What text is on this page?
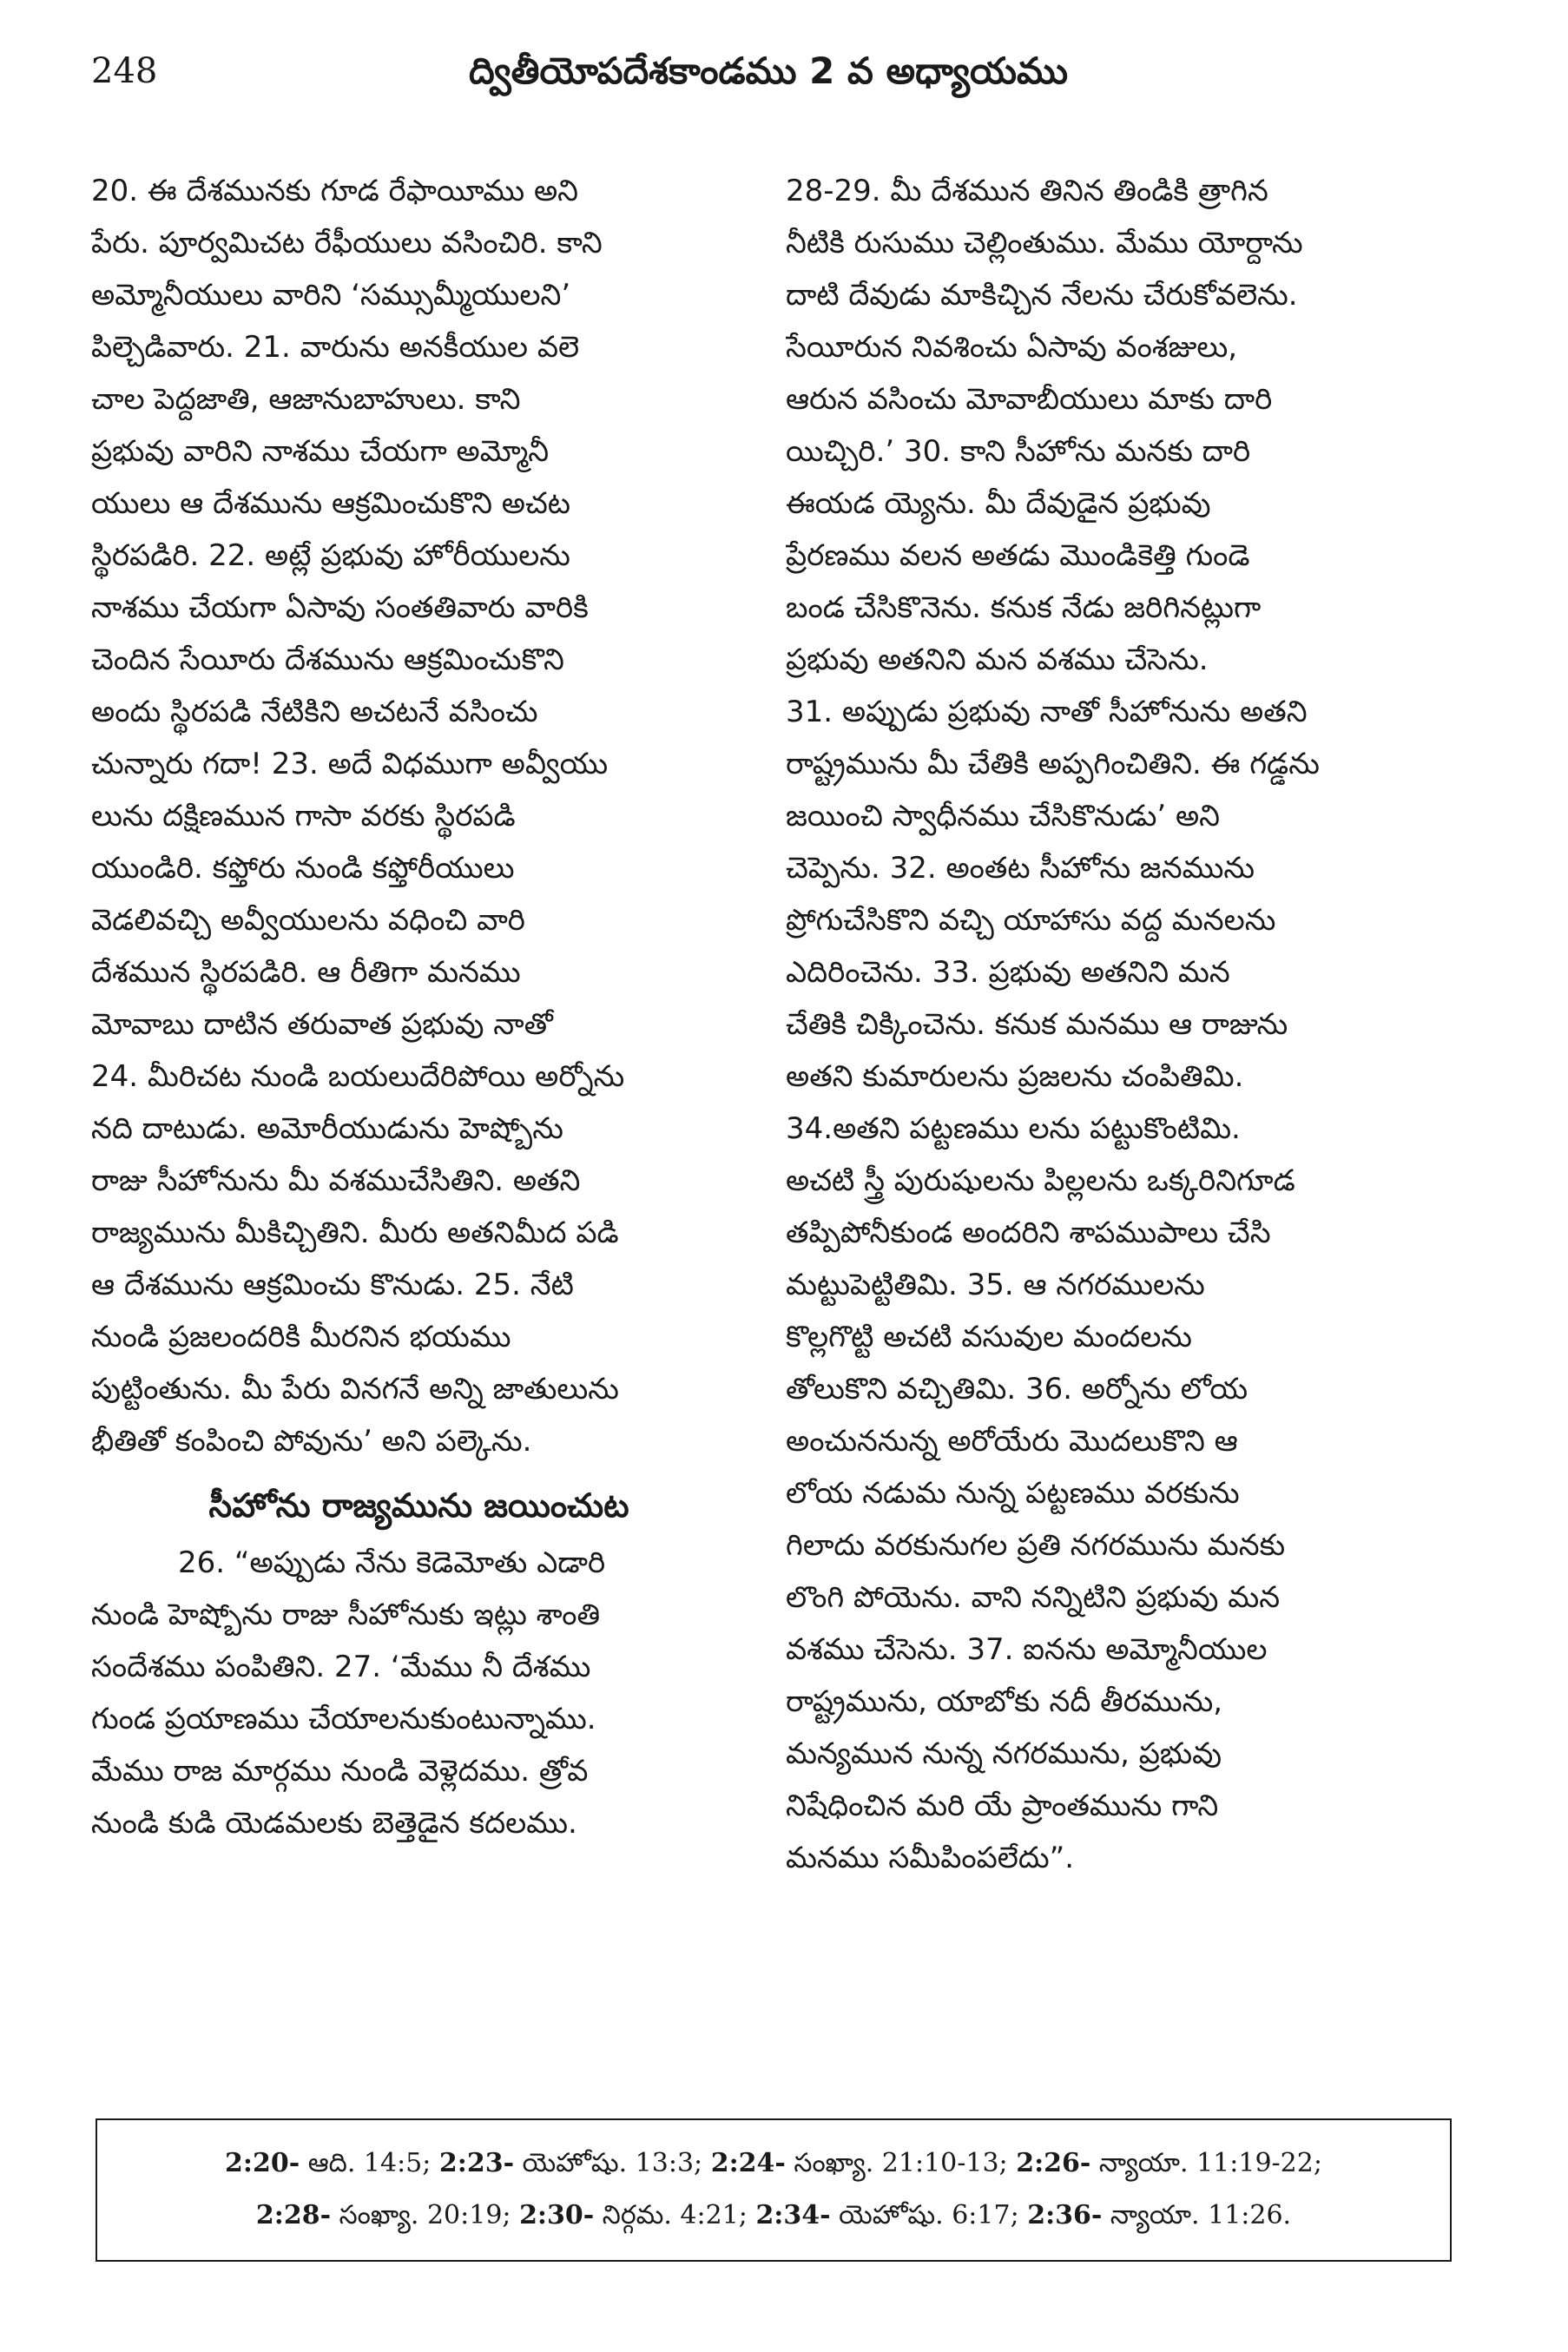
248	ద్వితీయోపదేశకాండము 2 వ అధ్యాయము
20. ఈ దేశమునకు గూడ రేఫాయీము అని
పేరు. పూర్వమిచట రేఫీయులు వసించిరి. కాని
అమ్మోనీయులు వారిని ‘సమ్సుమ్మీయులని’
పిల్చెడివారు. 21. వారును అనకీయుల వలె
చాల పెద్దజాతి, ఆజానుబాహులు. కాని
ప్రభువు వారిని నాశము చేయగా అమ్మోనీ
యులు ఆ దేశమును ఆక్రమించుకొని అచట
స్థిరపడిరి. 22. అట్లే ప్రభువు హోరీయులను
నాశము చేయగా ఏసావు సంతతివారు వారికి
చెందిన సేయీరు దేశమును ఆక్రమించుకొని
అందు స్థిరపడి నేటికిని అచటనే వసించు
చున్నారు గదా! 23. అదే విధముగా అవ్వీయు
లును దక్షిణమున గాసా వరకు స్థిరపడి
యుండిరి. కఫ్తోరు నుండి కఫ్తోరీయులు
వెడలివచ్చి అవ్వీయులను వధించి వారి
దేశమున స్థిరపడిరి. ఆ రీతిగా మనము
మోవాబు దాటిన తరువాత ప్రభువు నాతో
24. మీరిచట నుండి బయలుదేరిపోయి అర్నోను
నది దాటుడు. అమోరీయుడును హెష్బోను
రాజు సీహోనును మీ వశముచేసితిని. అతని
రాజ్యమును మీకిచ్చితిని. మీరు అతనిమీద పడి
ఆ దేశమును ఆక్రమించు కొనుడు. 25. నేటి
నుండి ప్రజలందరికి మీరనిన భయము
పుట్టింతును. మీ పేరు వినగనే అన్ని జాతులును
భీతితో కంపించి పోవును’ అని పల్కెను.
సీహోను రాజ్యమును జయించుట
26. “అప్పుడు నేను కెడెమోతు ఎడారి
నుండి హెష్బోను రాజు సీహోనుకు ఇట్లు శాంతి
సందేశము పంపితిని. 27. ‘మేము నీ దేశము
గుండ ప్రయాణము చేయాలనుకుంటున్నాము.
మేము రాజ మార్గము నుండి వెళ్లెదము. త్రోవ
నుండి కుడి యెడమలకు బెత్తెడైన కదలము.
28-29. మీ దేశమున తినిన తిండికి త్రాగిన
నీటికి రుసుము చెల్లింతుము. మేము యోర్దాను
దాటి దేవుడు మాకిచ్చిన నేలను చేరుకోవలెను.
సేయీరున నివశించు ఏసావు వంశజులు,
ఆరున వసించు మోవాబీయులు మాకు దారి
యిచ్చిరి.’ 30. కాని సీహోను మనకు దారి
ఈయడ య్యెను. మీ దేవుడైన ప్రభువు
ప్రేరణము వలన అతడు మొండికెత్తి గుండె
బండ చేసికొనెను. కనుక నేడు జరిగినట్లుగా
ప్రభువు అతనిని మన వశము చేసెను.
31. అప్పుడు ప్రభువు నాతో సీహోనును అతని
రాష్ట్రమును మీ చేతికి అప్పగించితిని. ఈ గడ్డను
జయించి స్వాధీనము చేసికొనుడు’ అని
చెప్పెను. 32. అంతట సీహోను జనమును
ప్రోగుచేసికొని వచ్చి యాహాసు వద్ద మనలను
ఎదిరించెను. 33. ప్రభువు అతనిని మన
చేతికి చిక్కించెను. కనుక మనము ఆ రాజును
అతని కుమారులను ప్రజలను చంపితిమి.
34.అతని పట్టణము లను పట్టుకొంటిమి.
అచటి స్త్రీ పురుషులను పిల్లలను ఒక్కరినిగూడ
తప్పిపోనీకుండ అందరిని శాపముపాలు చేసి
మట్టుపెట్టితిమి. 35. ఆ నగరములను
కొల్లగొట్టి అచటి వసువుల మందలను
తోలుకొని వచ్చితిమి. 36. అర్నోను లోయ
అంచుననున్న అరోయేరు మొదలుకొని ఆ
లోయ నడుమ నున్న పట్టణము వరకును
గిలాదు వరకునుగల ప్రతి నగరమును మనకు
లొంగి పోయెను. వాని నన్నిటిని ప్రభువు మన
వశము చేసెను. 37. ఐనను అమ్మోనీయుల
రాష్ట్రమును, యాబోకు నదీ తీరమును,
మన్యమున నున్న నగరమును, ప్రభువు
నిషేధించిన మరి యే ప్రాంతమును గాని
మనము సమీపింపలేదు”.
2:20- ఆది. 14:5; 2:23- యెహోషు. 13:3; 2:24- సంఖ్యా. 21:10-13; 2:26- న్యాయా. 11:19-22;
2:28- సంఖ్యా. 20:19; 2:30- నిర్గమ. 4:21; 2:34- యెహోషు. 6:17; 2:36- న్యాయా. 11:26.
